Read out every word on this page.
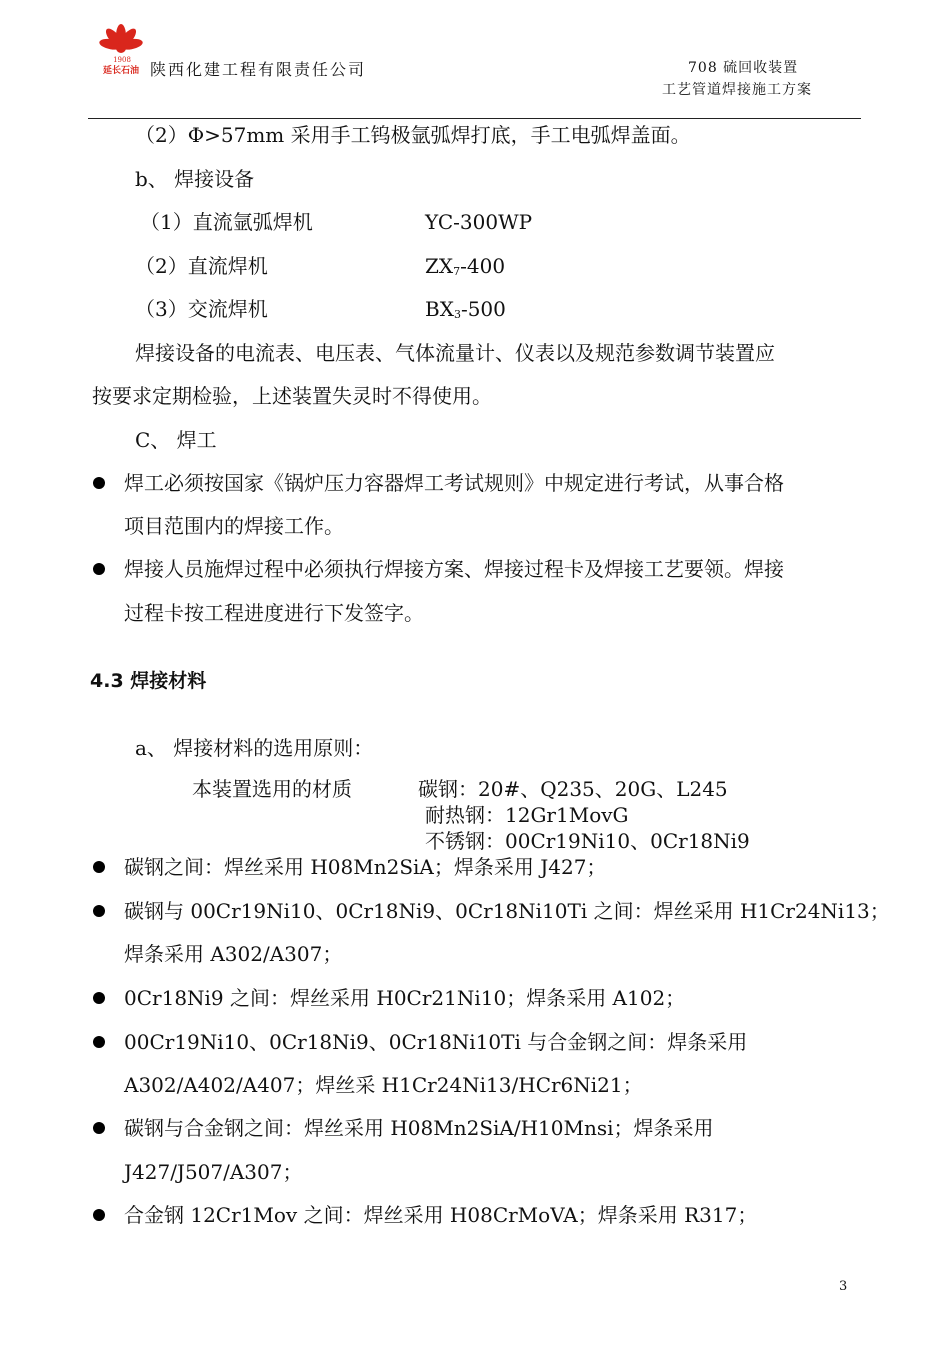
1908
延长石油 陕西化建工程有限责任公司	708 硫回收装置
工艺管道焊接施工方案
（2）Φ>57mm 采用手工钨极氩弧焊打底，手工电弧焊盖面。
b、 焊接设备
（1）直流氩弧焊机	YC-300WP
（2）直流焊机	$ZX_7-400$
（3）交流焊机	$BX_3-500$
焊接设备的电流表、电压表、气体流量计、仪表以及规范参数调节装置应
按要求定期检验，上述装置失灵时不得使用。
C、 焊工
焊工必须按国家《锅炉压力容器焊工考试规则》中规定进行考试，从事合格
项目范围内的焊接工作。
焊接人员施焊过程中必须执行焊接方案、焊接过程卡及焊接工艺要领。焊接
过程卡按工程进度进行下发签字。
4.3 焊接材料
a、 焊接材料的选用原则：
本装置选用的材质	碳钢：20#、Q235、20G、L245
耐热钢：12Gr1MovG
不锈钢：00Cr19Ni10、0Cr18Ni9
碳钢之间：焊丝采用 H08Mn2SiA；焊条采用 J427；
碳钢与 00Cr19Ni10、0Cr18Ni9、0Cr18Ni10Ti 之间：焊丝采用 H1Cr24Ni13；
焊条采用 A302/A307；
0Cr18Ni9 之间：焊丝采用 H0Cr21Ni10；焊条采用 A102；
00Cr19Ni10、0Cr18Ni9、0Cr18Ni10Ti 与合金钢之间：焊条采用
A302/A402/A407；焊丝采 H1Cr24Ni13/HCr6Ni21；
碳钢与合金钢之间：焊丝采用 H08Mn2SiA/H10Mnsi；焊条采用
J427/J507/A307；
合金钢 12Cr1Mov 之间：焊丝采用 H08CrMoVA；焊条采用 R317；
3
